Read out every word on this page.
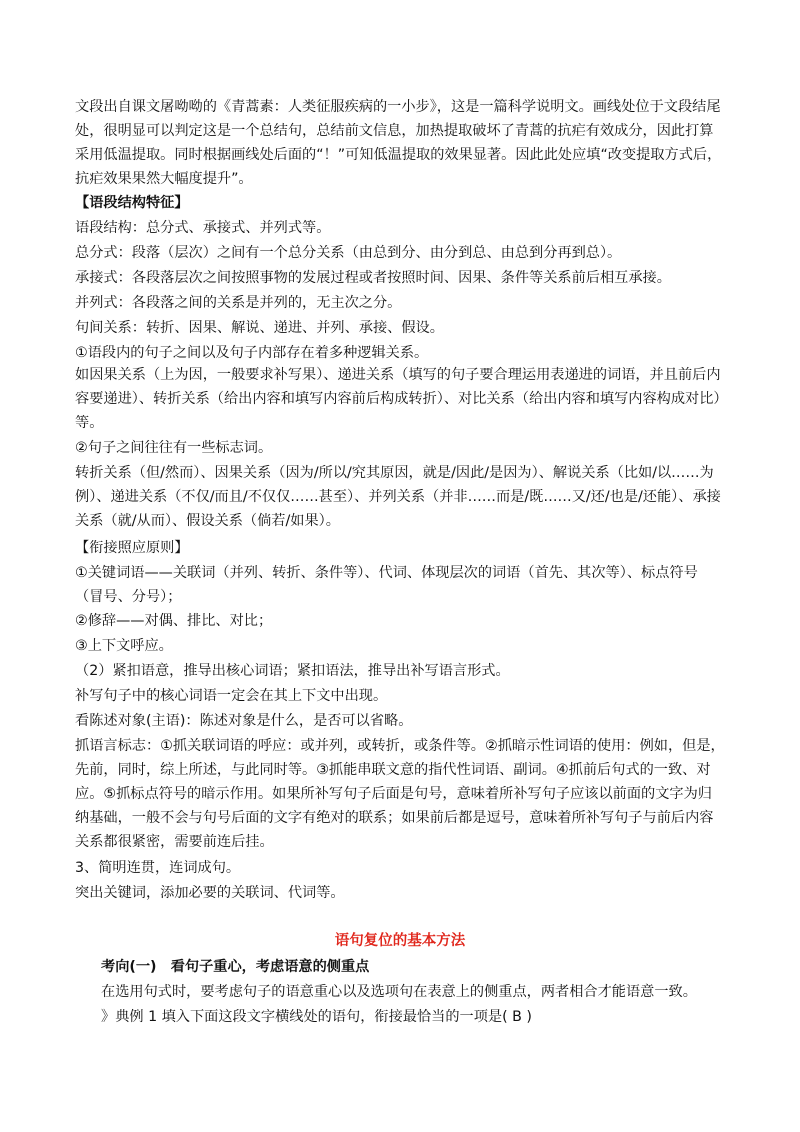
文段出自课文屠呦呦的《青蒿素：人类征服疾病的一小步》，这是一篇科学说明文。画线处位于文段结尾处，很明显可以判定这是一个总结句，总结前文信息，加热提取破坏了青蒿的抗疟有效成分，因此打算采用低温提取。同时根据画线处后面的“！”可知低温提取的效果显著。因此此处应填“改变提取方式后，抗疟效果果然大幅度提升”。

【语段结构特征】

语段结构：总分式、承接式、并列式等。

总分式：段落（层次）之间有一个总分关系（由总到分、由分到总、由总到分再到总）。

承接式：各段落层次之间按照事物的发展过程或者按照时间、因果、条件等关系前后相互承接。

并列式：各段落之间的关系是并列的，无主次之分。

句间关系：转折、因果、解说、递进、并列、承接、假设。

①语段内的句子之间以及句子内部存在着多种逻辑关系。

如因果关系（上为因，一般要求补写果）、递进关系（填写的句子要合理运用表递进的词语，并且前后内容要递进）、转折关系（给出内容和填写内容前后构成转折）、对比关系（给出内容和填写内容构成对比）等。

②句子之间往往有一些标志词。

转折关系（但/然而）、因果关系（因为/所以/究其原因，就是/因此/是因为）、解说关系（比如/以……为例）、递进关系（不仅/而且/不仅仅……甚至）、并列关系（并非……而是/既……又/还/也是/还能）、承接关系（就/从而）、假设关系（倘若/如果）。

【衔接照应原则】

①关键词语——关联词（并列、转折、条件等）、代词、体现层次的词语（首先、其次等）、标点符号（冒号、分号）；

②修辞——对偶、排比、对比；

③上下文呼应。

（2）紧扣语意，推导出核心词语；紧扣语法，推导出补写语言形式。

补写句子中的核心词语一定会在其上下文中出现。

看陈述对象(主语)：陈述对象是什么，是否可以省略。

抓语言标志：①抓关联词语的呼应：或并列，或转折，或条件等。②抓暗示性词语的使用：例如，但是，先前，同时，综上所述，与此同时等。③抓能串联文意的指代性词语、副词。④抓前后句式的一致、对应。⑤抓标点符号的暗示作用。如果所补写句子后面是句号，意味着所补写句子应该以前面的文字为归纳基础，一般不会与句号后面的文字有绝对的联系；如果前后都是逗号，意味着所补写句子与前后内容关系都很紧密，需要前连后挂。

3、简明连贯，连词成句。

突出关键词，添加必要的关联词、代词等。

语句复位的基本方法

考向(一)　看句子重心，考虑语意的侧重点

在选用句式时，要考虑句子的语意重心以及选项句在表意上的侧重点，两者相合才能语意一致。

》典例 1 填入下面这段文字横线处的语句，衔接最恰当的一项是( B )
